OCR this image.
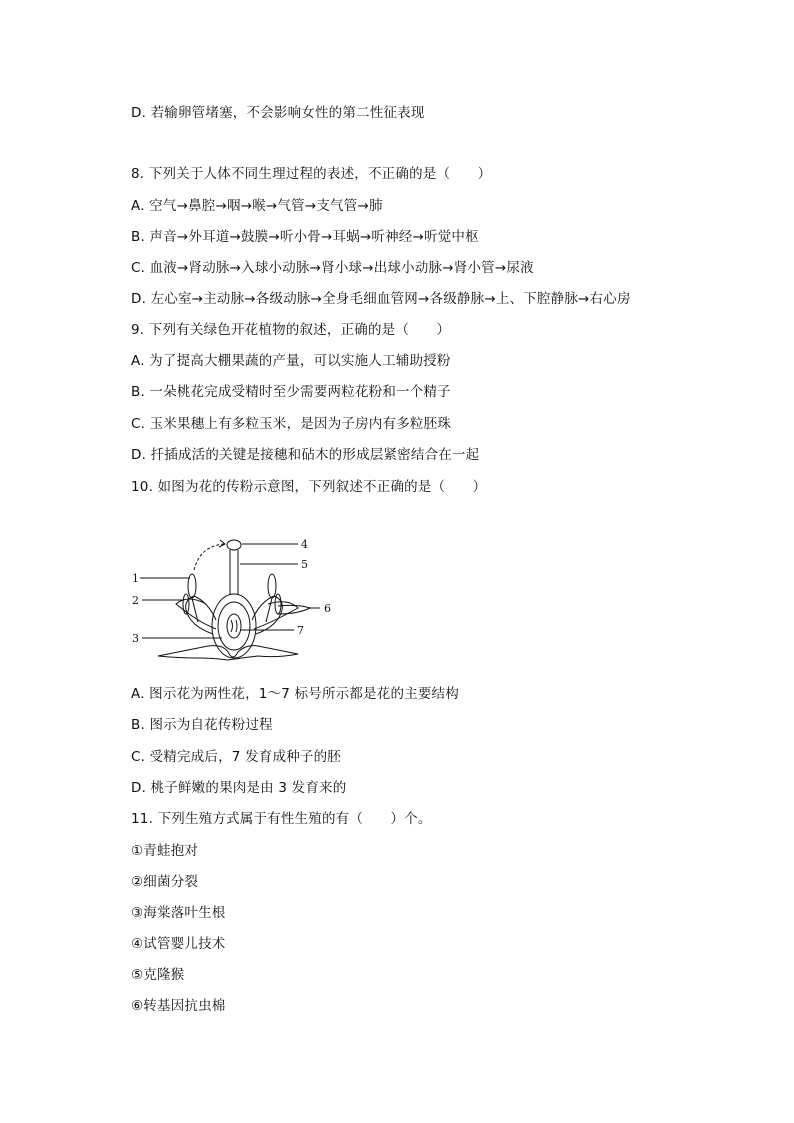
D. 若输卵管堵塞，不会影响女性的第二性征表现
8. 下列关于人体不同生理过程的表述，不正确的是（　　）
A. 空气→鼻腔→咽→喉→气管→支气管→肺
B. 声音→外耳道→鼓膜→听小骨→耳蜗→听神经→听觉中枢
C. 血液→肾动脉→入球小动脉→肾小球→出球小动脉→肾小管→尿液
D. 左心室→主动脉→各级动脉→全身毛细血管网→各级静脉→上、下腔静脉→右心房
9. 下列有关绿色开花植物的叙述，正确的是（　　）
A. 为了提高大棚果蔬的产量，可以实施人工辅助授粉
B. 一朵桃花完成受精时至少需要两粒花粉和一个精子
C. 玉米果穗上有多粒玉米，是因为子房内有多粒胚珠
D. 扦插成活的关键是接穗和砧木的形成层紧密结合在一起
10. 如图为花的传粉示意图，下列叙述不正确的是（　　）
1
2
3
4
5
6
7
A. 图示花为两性花，1～7 标号所示都是花的主要结构
B. 图示为自花传粉过程
C. 受精完成后，7 发育成种子的胚
D. 桃子鲜嫩的果肉是由 3 发育来的
11. 下列生殖方式属于有性生殖的有（　　）个。
①青蛙抱对
②细菌分裂
③海棠落叶生根
④试管婴儿技术
⑤克隆猴
⑥转基因抗虫棉
